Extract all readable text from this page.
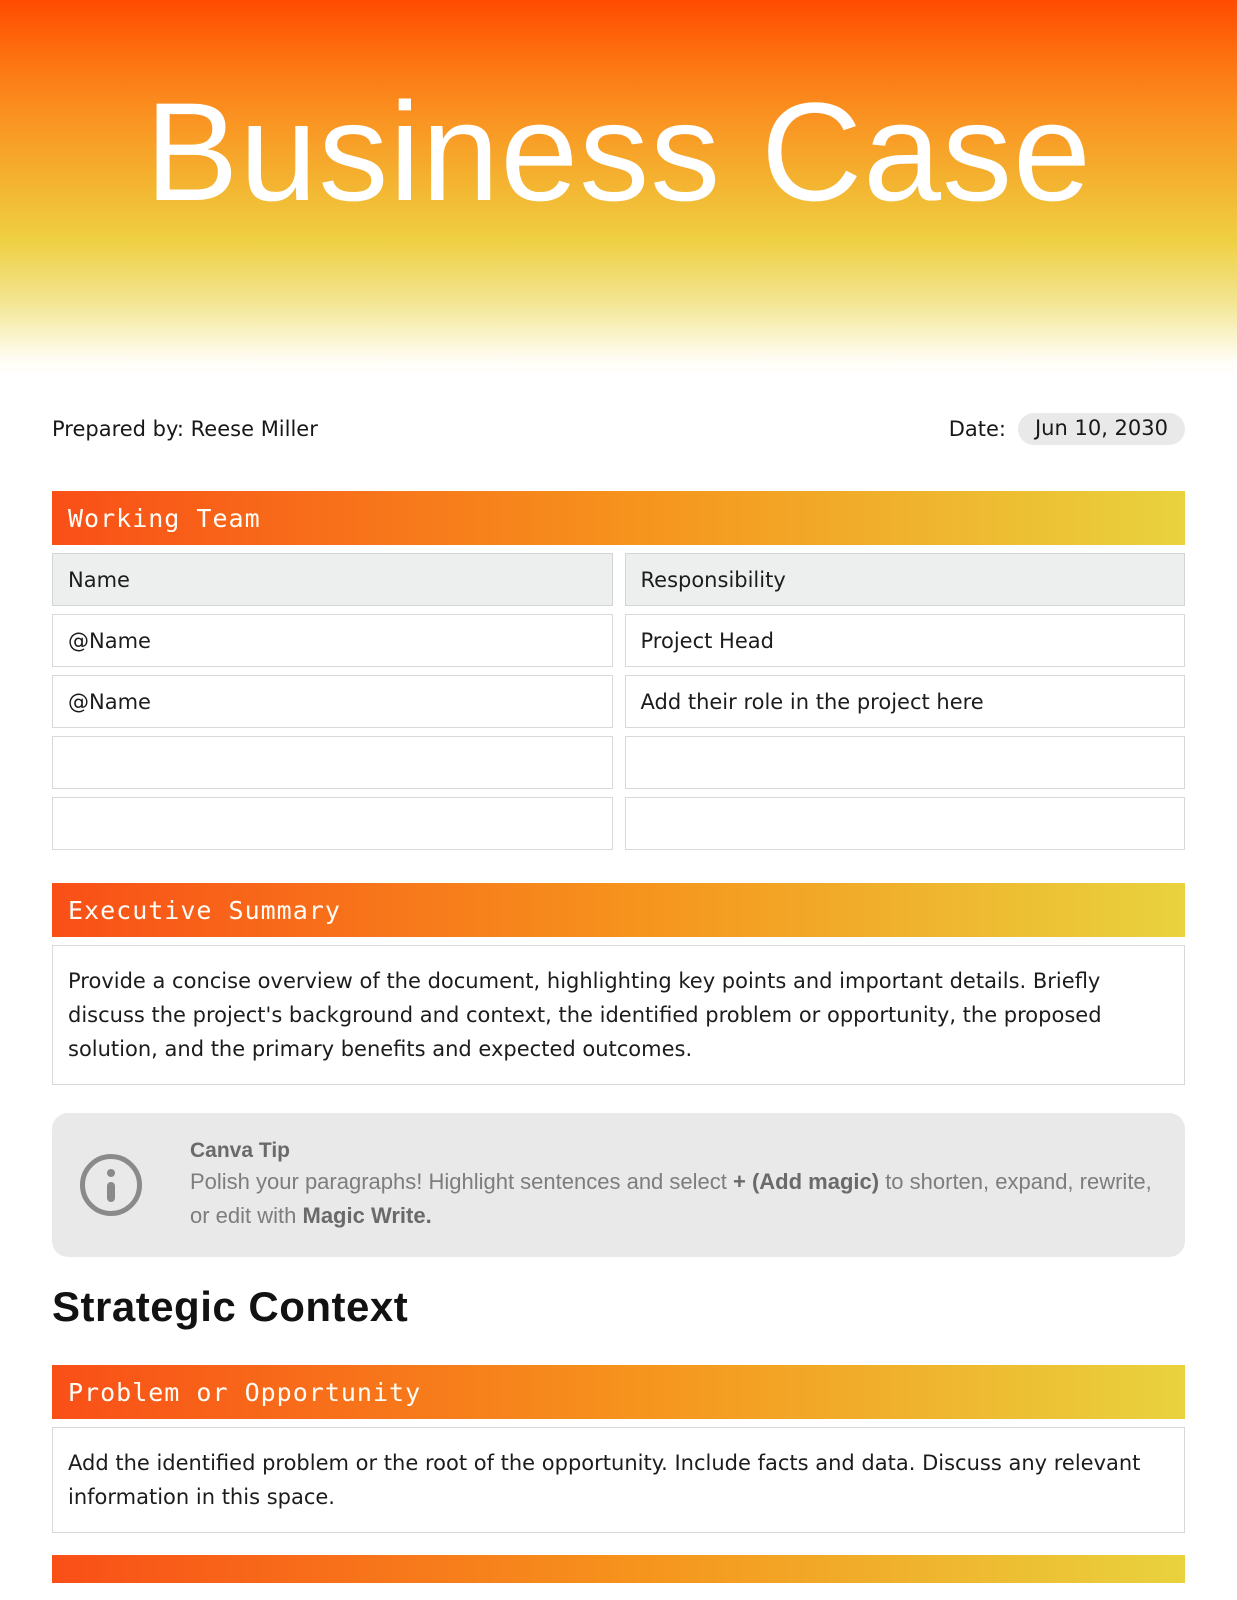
Business Case
Prepared by: Reese Miller	Date:	Jun 10, 2030
Working Team
Name	Responsibility
@Name	Project Head
@Name	Add their role in the project here
Executive Summary
Provide a concise overview of the document, highlighting key points and important details. Briefly discuss the project's background and context, the identified problem or opportunity, the proposed solution, and the primary benefits and expected outcomes.
Canva Tip
Polish your paragraphs! Highlight sentences and select + (Add magic) to shorten, expand, rewrite, or edit with Magic Write.
Strategic Context
Problem or Opportunity
Add the identified problem or the root of the opportunity. Include facts and data. Discuss any relevant information in this space.
